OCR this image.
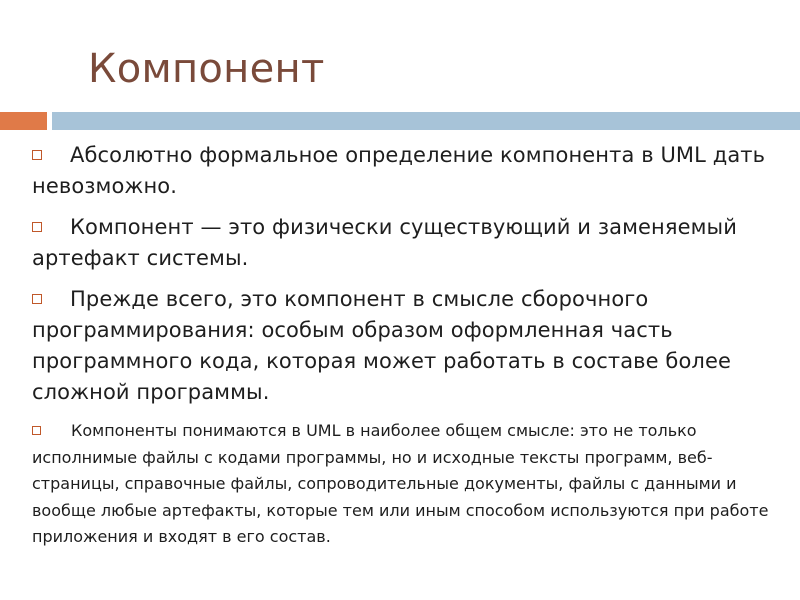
Компонент

Абсолютно формальное определение компонента в UML дать невозможно.

Компонент — это физически существующий и заменяемый артефакт системы.

Прежде всего, это компонент в смысле сборочного программирования: особым образом оформленная часть программного кода, которая может работать в составе более сложной программы.

Компоненты понимаются в UML в наиболее общем смысле: это не только исполнимые файлы с кодами программы, но и исходные тексты программ, веб-страницы, справочные файлы, сопроводительные документы, файлы с данными и вообще любые артефакты, которые тем или иным способом используются при работе приложения и входят в его состав.
